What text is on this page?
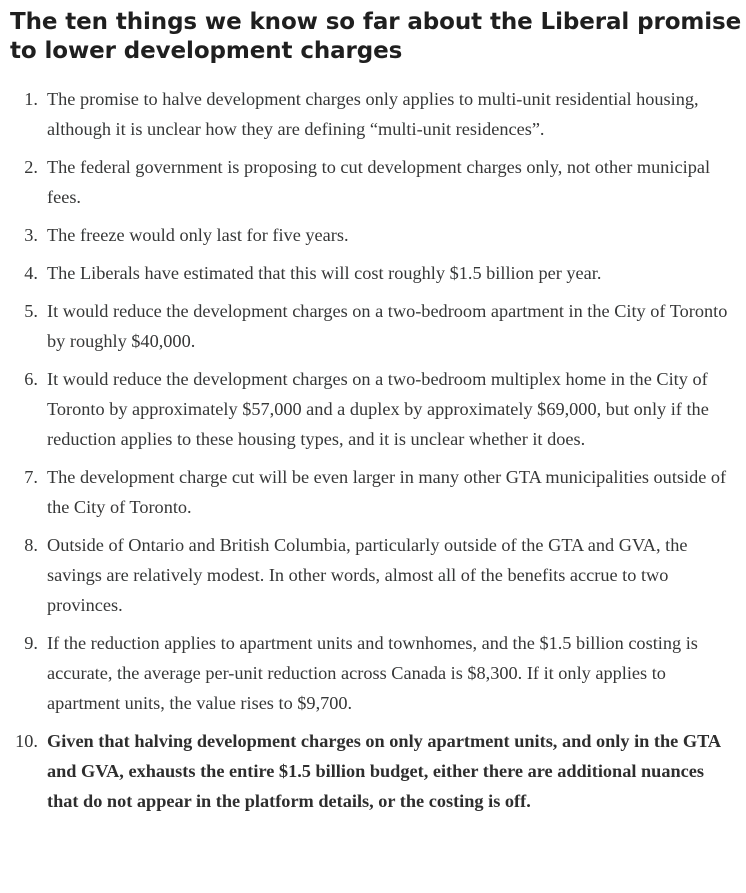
The ten things we know so far about the Liberal promise to lower development charges
1. The promise to halve development charges only applies to multi-unit residential housing, although it is unclear how they are defining “multi-unit residences”.
2. The federal government is proposing to cut development charges only, not other municipal fees.
3. The freeze would only last for five years.
4. The Liberals have estimated that this will cost roughly $1.5 billion per year.
5. It would reduce the development charges on a two-bedroom apartment in the City of Toronto by roughly $40,000.
6. It would reduce the development charges on a two-bedroom multiplex home in the City of Toronto by approximately $57,000 and a duplex by approximately $69,000, but only if the reduction applies to these housing types, and it is unclear whether it does.
7. The development charge cut will be even larger in many other GTA municipalities outside of the City of Toronto.
8. Outside of Ontario and British Columbia, particularly outside of the GTA and GVA, the savings are relatively modest. In other words, almost all of the benefits accrue to two provinces.
9. If the reduction applies to apartment units and townhomes, and the $1.5 billion costing is accurate, the average per-unit reduction across Canada is $8,300. If it only applies to apartment units, the value rises to $9,700.
10. Given that halving development charges on only apartment units, and only in the GTA and GVA, exhausts the entire $1.5 billion budget, either there are additional nuances that do not appear in the platform details, or the costing is off.
